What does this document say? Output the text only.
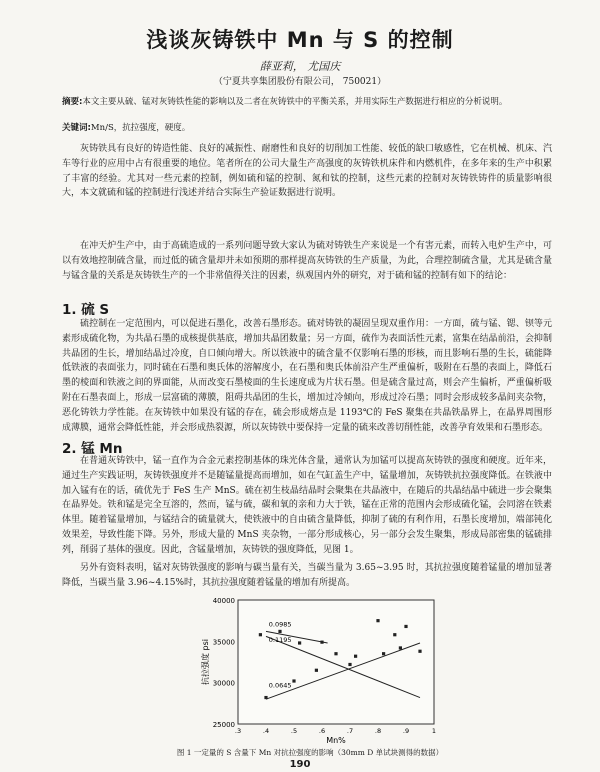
浅谈灰铸铁中 Mn 与 S 的控制
薛亚莉， 尤国庆
（宁夏共享集团股份有限公司， 750021）
摘要:本文主要从硫、锰对灰铸铁性能的影响以及二者在灰铸铁中的平衡关系，并用实际生产数据进行相应的分析说明。
关键词:Mn/S，抗拉强度，硬度。

灰铸铁具有良好的铸造性能、良好的减振性、耐磨性和良好的切削加工性能、较低的缺口敏感性，它在机械、机床、汽车等行业的应用中占有很重要的地位。笔者所在的公司大量生产高强度的灰铸铁机床件和内燃机件，在多年来的生产中积累了丰富的经验。尤其对一些元素的控制，例如硫和锰的控制、氮和钛的控制，这些元素的控制对灰铸铁铸件的质量影响很大，本文就硫和锰的控制进行浅述并结合实际生产验证数据进行说明。

在冲天炉生产中，由于高硫造成的一系列问题导致大家认为硫对铸铁生产来说是一个有害元素，而转入电炉生产中，可以有效地控制硫含量，而过低的硫含量却并未如预期的那样提高灰铸铁的生产质量，为此，合理控制硫含量，尤其是硫含量与锰含量的关系是灰铸铁生产的一个非常值得关注的因素，纵观国内外的研究，对于硫和锰的控制有如下的结论：

1. 硫 S

硫控制在一定范围内，可以促进石墨化，改善石墨形态。硫对铸铁的凝固呈现双重作用：一方面，硫与锰、锶、钡等元素形成硫化物，为共晶石墨的成核提供基底，增加共晶团数量；另一方面，硫作为表面活性元素，富集在结晶前沿，会抑制共晶团的生长，增加结晶过冷度，自口倾向增大。所以铁液中的硫含量不仅影响石墨的形核，而且影响石墨的生长，硫能降低铁液的表面张力，同时硫在石墨和奥氏体的溶解度小，在石墨和奥氏体前沿产生严重偏析，吸附在石墨的表面上，降低石墨的棱面和铁液之间的界面能，从而改变石墨棱面的生长速度成为片状石墨。但是硫含量过高，则会产生偏析，严重偏析吸附在石墨表面上，形成一层富硫的薄膜，阻碍共晶团的生长，增加过冷倾向，形成过冷石墨；同时会形成较多晶间夹杂物，恶化铸铁力学性能。在灰铸铁中如果没有锰的存在，硫会形成熔点是 1193℃的 FeS 聚集在共晶铁晶界上，在晶界周围形成薄膜，通常会降低性能，并会形成热裂源，所以灰铸铁中要保持一定量的硫来改善切削性能，改善孕育效果和石墨形态。

2. 锰 Mn

在普通灰铸铁中，锰一直作为合金元素控制基体的珠光体含量，通常认为加锰可以提高灰铸铁的强度和硬度。近年来，通过生产实践证明，灰铸铁强度并不是随锰量提高而增加，如在气缸盖生产中，锰量增加，灰铸铁抗拉强度降低。在铁液中加入锰有在的话，硫优先于 FeS 生产 MnS。硫在初生枝晶结晶时会聚集在共晶液中，在随后的共晶结晶中硫进一步会聚集在晶界处。铁和锰是完全互溶的，然而，锰与硫，碳和氧的亲和力大于铁，锰在正常的范围内会形成硫化锰，会同溶在铁素体里。随着锰量增加，与锰结合的硫量就大，使铁液中的自由硫含量降低，抑制了硫的有利作用，石墨长度增加，端部钝化效果差，导致性能下降。另外，形成大量的 MnS 夹杂物，一部分形成核心，另一部分会发生聚集，形成局部密集的锰硫排列，削弱了基体的强度。因此，含锰量增加，灰铸铁的强度降低，见图 1。

另外有资料表明，锰对灰铸铁强度的影响与碳当量有关，当碳当量为 3.65~3.95 时，其抗拉强度随着锰量的增加显著降低，当碳当量 3.96~4.15%时，其抗拉强度随着锰量的增加有所提高。

抗拉强度 psi
Mn%
25000
30000
35000
40000
.3	.4	.5	.6	.7	.8	.9	1
0.0985
0.1195
0.0645
图 1 一定量的 S 含量下 Mn 对抗拉强度的影响（30mm D 单试块测得的数据）
190
